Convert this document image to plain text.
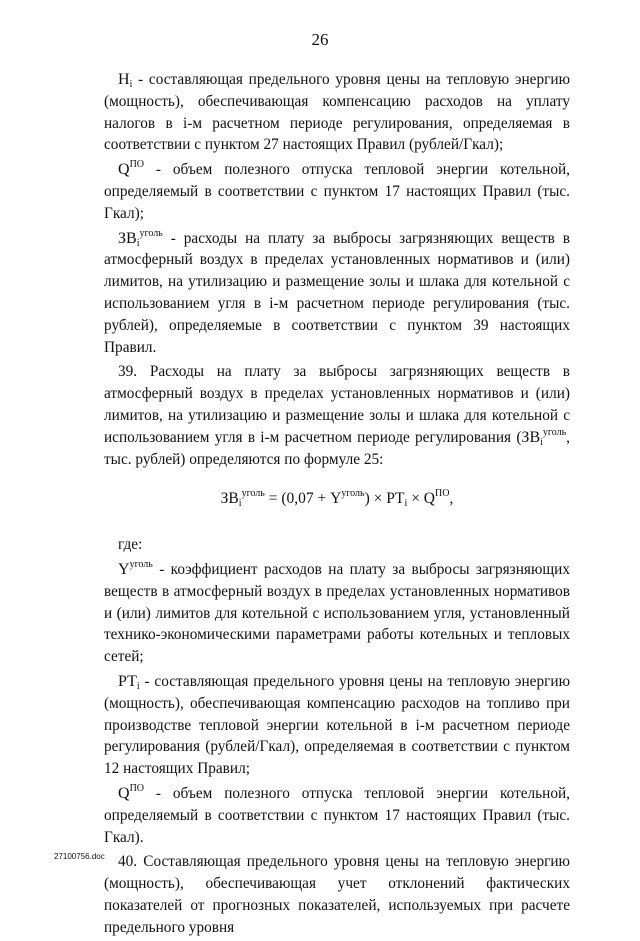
26

$Н_i$ - составляющая предельного уровня цены на тепловую энергию (мощность), обеспечивающая компенсацию расходов на уплату налогов в i-м расчетном периоде регулирования, определяемая в соответствии с пунктом 27 настоящих Правил (рублей/Гкал);

$Q^{ПО}$ - объем полезного отпуска тепловой энергии котельной, определяемый в соответствии с пунктом 17 настоящих Правил (тыс. Гкал);

$ЗВ_i^{уголь}$ - расходы на плату за выбросы загрязняющих веществ в атмосферный воздух в пределах установленных нормативов и (или) лимитов, на утилизацию и размещение золы и шлака для котельной с использованием угля в i-м расчетном периоде регулирования (тыс. рублей), определяемые в соответствии с пунктом 39 настоящих Правил.

39. Расходы на плату за выбросы загрязняющих веществ в атмосферный воздух в пределах установленных нормативов и (или) лимитов, на утилизацию и размещение золы и шлака для котельной с использованием угля в i-м расчетном периоде регулирования ($ЗВ_i^{уголь}$, тыс. рублей) определяются по формуле 25:

$ЗВ_i^{уголь} = (0,07 + Y^{уголь}) \times РТ_i \times Q^{ПО}$,

где:

$Y^{уголь}$ - коэффициент расходов на плату за выбросы загрязняющих веществ в атмосферный воздух в пределах установленных нормативов и (или) лимитов для котельной с использованием угля, установленный технико-экономическими параметрами работы котельных и тепловых сетей;

$РТ_i$ - составляющая предельного уровня цены на тепловую энергию (мощность), обеспечивающая компенсацию расходов на топливо при производстве тепловой энергии котельной в i-м расчетном периоде регулирования (рублей/Гкал), определяемая в соответствии с пунктом 12 настоящих Правил;

$Q^{ПО}$ - объем полезного отпуска тепловой энергии котельной, определяемый в соответствии с пунктом 17 настоящих Правил (тыс. Гкал).

40. Составляющая предельного уровня цены на тепловую энергию (мощность), обеспечивающая учет отклонений фактических показателей от прогнозных показателей, используемых при расчете предельного уровня

27100756.doc
